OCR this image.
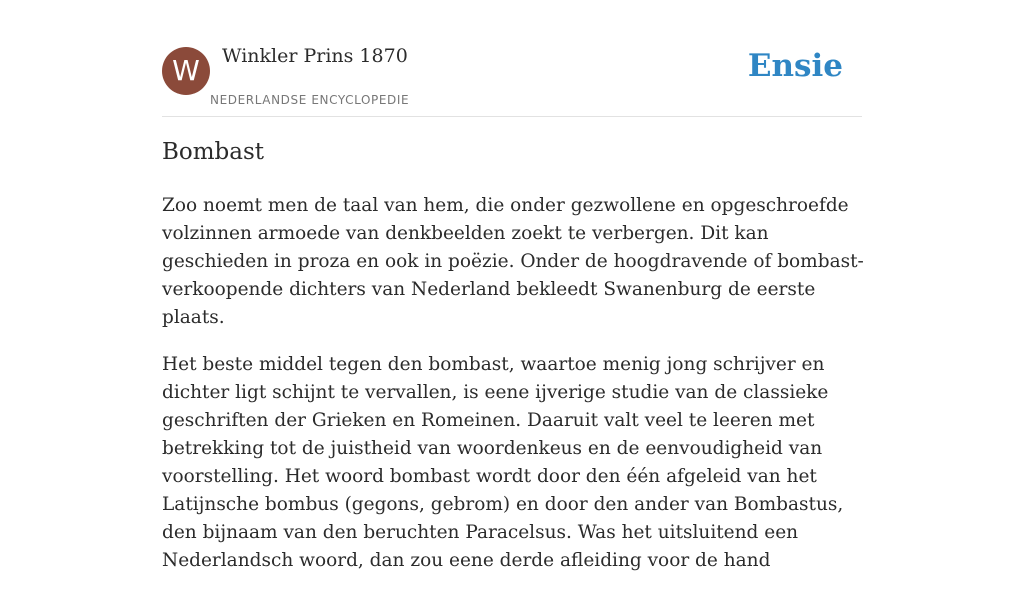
W	Winkler Prins 1870
NEDERLANDSE ENCYCLOPEDIE
Ensie
Bombast

Zoo noemt men de taal van hem, die onder gezwollene en opgeschroefde volzinnen armoede van denkbeelden zoekt te verbergen. Dit kan geschieden in proza en ook in poëzie. Onder de hoogdravende of bombast-verkoopende dichters van Nederland bekleedt Swanenburg de eerste plaats.

Het beste middel tegen den bombast, waartoe menig jong schrijver en dichter ligt schijnt te vervallen, is eene ijverige studie van de classieke geschriften der Grieken en Romeinen. Daaruit valt veel te leeren met betrekking tot de juistheid van woordenkeus en de eenvoudigheid van voorstelling. Het woord bombast wordt door den één afgeleid van het Latijnsche bombus (gegons, gebrom) en door den ander van Bombastus, den bijnaam van den beruchten Paracelsus. Was het uitsluitend een Nederlandsch woord, dan zou eene derde afleiding voor de hand
